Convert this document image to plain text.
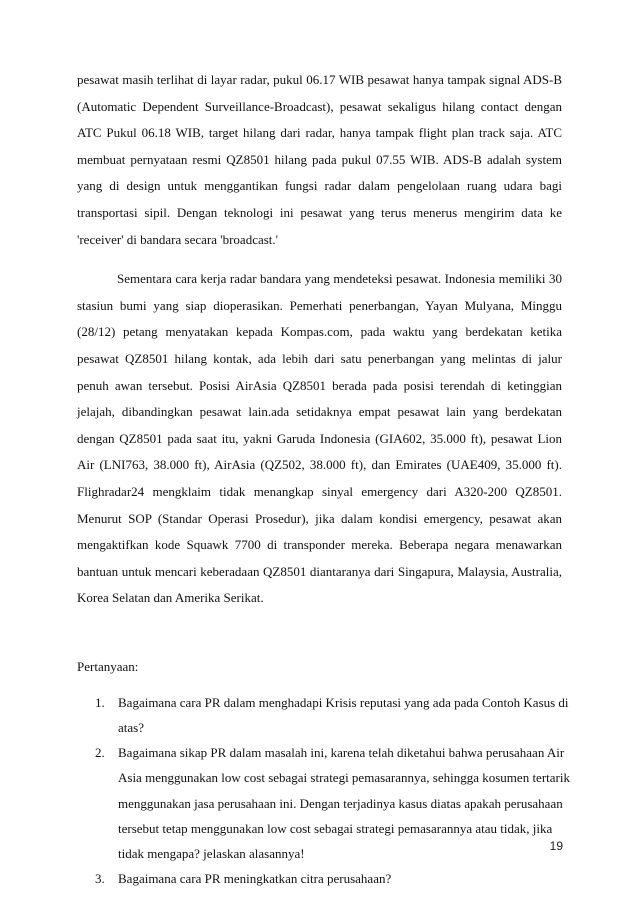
pesawat masih terlihat di layar radar, pukul 06.17 WIB pesawat hanya tampak signal ADS-B (Automatic Dependent Surveillance-Broadcast), pesawat sekaligus hilang contact dengan ATC Pukul 06.18 WIB, target hilang dari radar, hanya tampak flight plan track saja. ATC membuat pernyataan resmi QZ8501 hilang pada pukul 07.55 WIB. ADS-B adalah system yang di design untuk menggantikan fungsi radar dalam pengelolaan ruang udara bagi transportasi sipil. Dengan teknologi ini pesawat yang terus menerus mengirim data ke 'receiver' di bandara secara 'broadcast.'

Sementara cara kerja radar bandara yang mendeteksi pesawat. Indonesia memiliki 30 stasiun bumi yang siap dioperasikan. Pemerhati penerbangan, Yayan Mulyana, Minggu (28/12) petang menyatakan kepada Kompas.com, pada waktu yang berdekatan ketika pesawat QZ8501 hilang kontak, ada lebih dari satu penerbangan yang melintas di jalur penuh awan tersebut. Posisi AirAsia QZ8501 berada pada posisi terendah di ketinggian jelajah, dibandingkan pesawat lain.ada setidaknya empat pesawat lain yang berdekatan dengan QZ8501 pada saat itu, yakni Garuda Indonesia (GIA602, 35.000 ft), pesawat Lion Air (LNI763, 38.000 ft), AirAsia (QZ502, 38.000 ft), dan Emirates (UAE409, 35.000 ft). Flighradar24 mengklaim tidak menangkap sinyal emergency dari A320-200 QZ8501. Menurut SOP (Standar Operasi Prosedur), jika dalam kondisi emergency, pesawat akan mengaktifkan kode Squawk 7700 di transponder mereka. Beberapa negara menawarkan bantuan untuk mencari keberadaan QZ8501 diantaranya dari Singapura, Malaysia, Australia, Korea Selatan dan Amerika Serikat.

Pertanyaan:

1. Bagaimana cara PR dalam menghadapi Krisis reputasi yang ada pada Contoh Kasus di atas?
2. Bagaimana sikap PR dalam masalah ini, karena telah diketahui bahwa perusahaan Air Asia menggunakan low cost sebagai strategi pemasarannya, sehingga kosumen tertarik menggunakan jasa perusahaan ini. Dengan terjadinya kasus diatas apakah perusahaan tersebut tetap menggunakan low cost sebagai strategi pemasarannya atau tidak, jika tidak mengapa? jelaskan alasannya!
3. Bagaimana cara PR meningkatkan citra perusahaan?
19
